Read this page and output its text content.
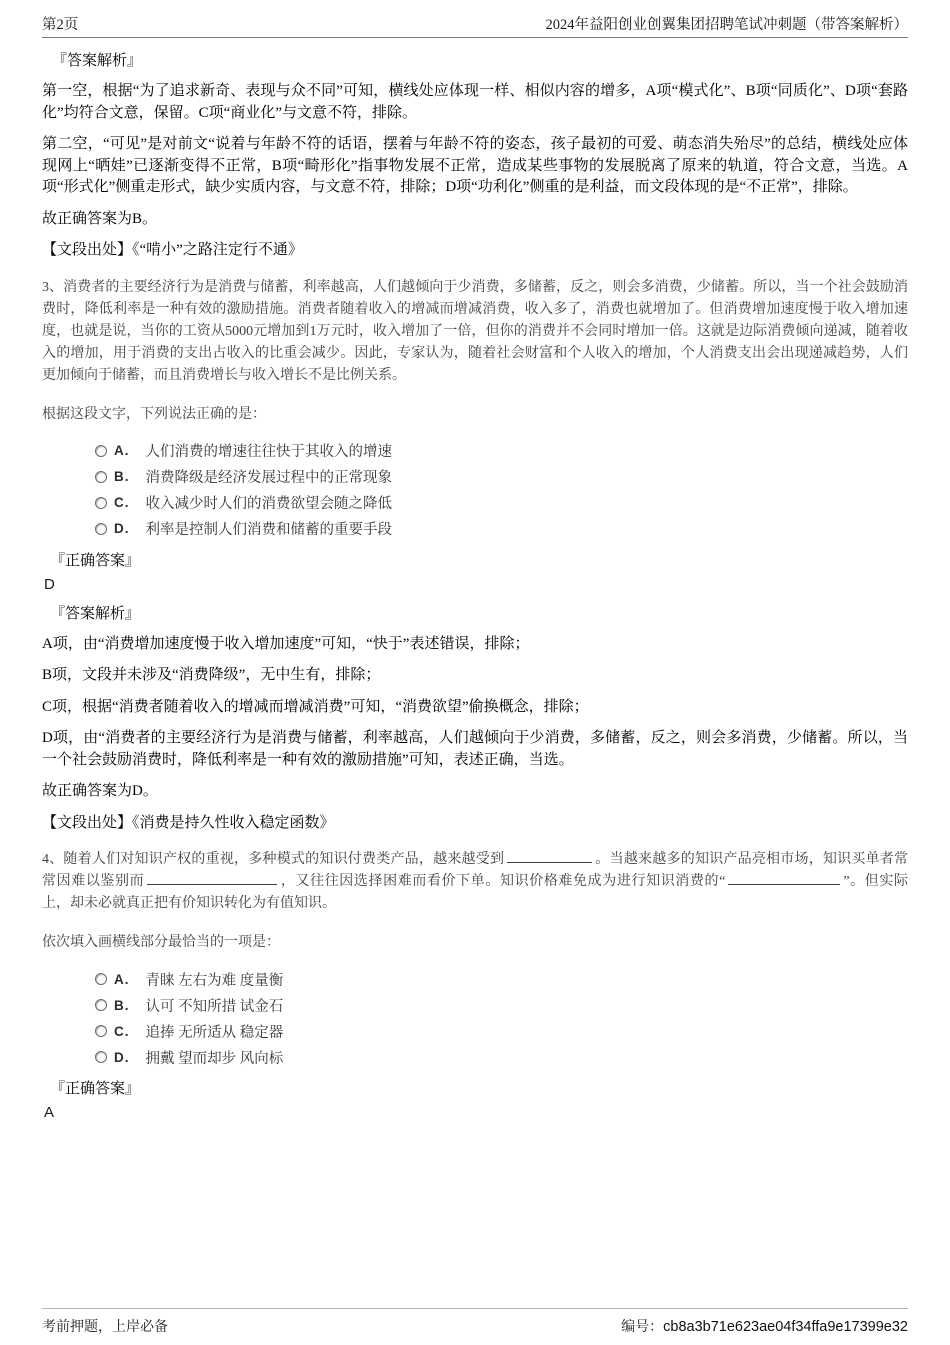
第2页	2024年益阳创业创翼集团招聘笔试冲刺题（带答案解析）
『答案解析』

第一空，根据“为了追求新奇、表现与众不同”可知，横线处应体现一样、相似内容的增多，A项“模式化”、B项“同质化”、D项“套路化”均符合文意，保留。C项“商业化”与文意不符，排除。

第二空，“可见”是对前文“说着与年龄不符的话语，摆着与年龄不符的姿态，孩子最初的可爱、萌态消失殆尽”的总结，横线处应体现网上“晒娃”已逐渐变得不正常，B项“畸形化”指事物发展不正常，造成某些事物的发展脱离了原来的轨道，符合文意，当选。A项“形式化”侧重走形式，缺少实质内容，与文意不符，排除；D项“功利化”侧重的是利益，而文段体现的是“不正常”，排除。

故正确答案为B。

【文段出处】《“啃小”之路注定行不通》

3、消费者的主要经济行为是消费与储蓄，利率越高，人们越倾向于少消费，多储蓄，反之，则会多消费，少储蓄。所以，当一个社会鼓励消费时，降低利率是一种有效的激励措施。消费者随着收入的增减而增减消费，收入多了，消费也就增加了。但消费增加速度慢于收入增加速度，也就是说，当你的工资从5000元增加到1万元时，收入增加了一倍，但你的消费并不会同时增加一倍。这就是边际消费倾向递减，随着收入的增加，用于消费的支出占收入的比重会减少。因此，专家认为，随着社会财富和个人收入的增加，个人消费支出会出现递减趋势，人们更加倾向于储蓄，而且消费增长与收入增长不是比例关系。

根据这段文字，下列说法正确的是：

A. 人们消费的增速往往快于其收入的增速
B. 消费降级是经济发展过程中的正常现象
C. 收入减少时人们的消费欲望会随之降低
D. 利率是控制人们消费和储蓄的重要手段
『正确答案』
D
『答案解析』

A项，由“消费增加速度慢于收入增加速度”可知，“快于”表述错误，排除；

B项，文段并未涉及“消费降级”，无中生有，排除；

C项，根据“消费者随着收入的增减而增减消费”可知，“消费欲望”偷换概念，排除；

D项，由“消费者的主要经济行为是消费与储蓄，利率越高，人们越倾向于少消费，多储蓄，反之，则会多消费，少储蓄。所以，当一个社会鼓励消费时，降低利率是一种有效的激励措施”可知，表述正确，当选。

故正确答案为D。

【文段出处】《消费是持久性收入稳定函数》

4、随着人们对知识产权的重视，多种模式的知识付费类产品，越来越受到	。当越来越多的知识产品亮相市场，知识买单者常常因难以鉴别而	，又往往因选择困难而看价下单。知识价格难免成为进行知识消费的“	”。但实际上，却未必就真正把有价知识转化为有值知识。

依次填入画横线部分最恰当的一项是：

A. 青睐 左右为难 度量衡
B. 认可 不知所措 试金石
C. 追捧 无所适从 稳定器
D. 拥戴 望而却步 风向标
『正确答案』
A
考前押题，上岸必备	编号：cb8a3b71e623ae04f34ffa9e17399e32
